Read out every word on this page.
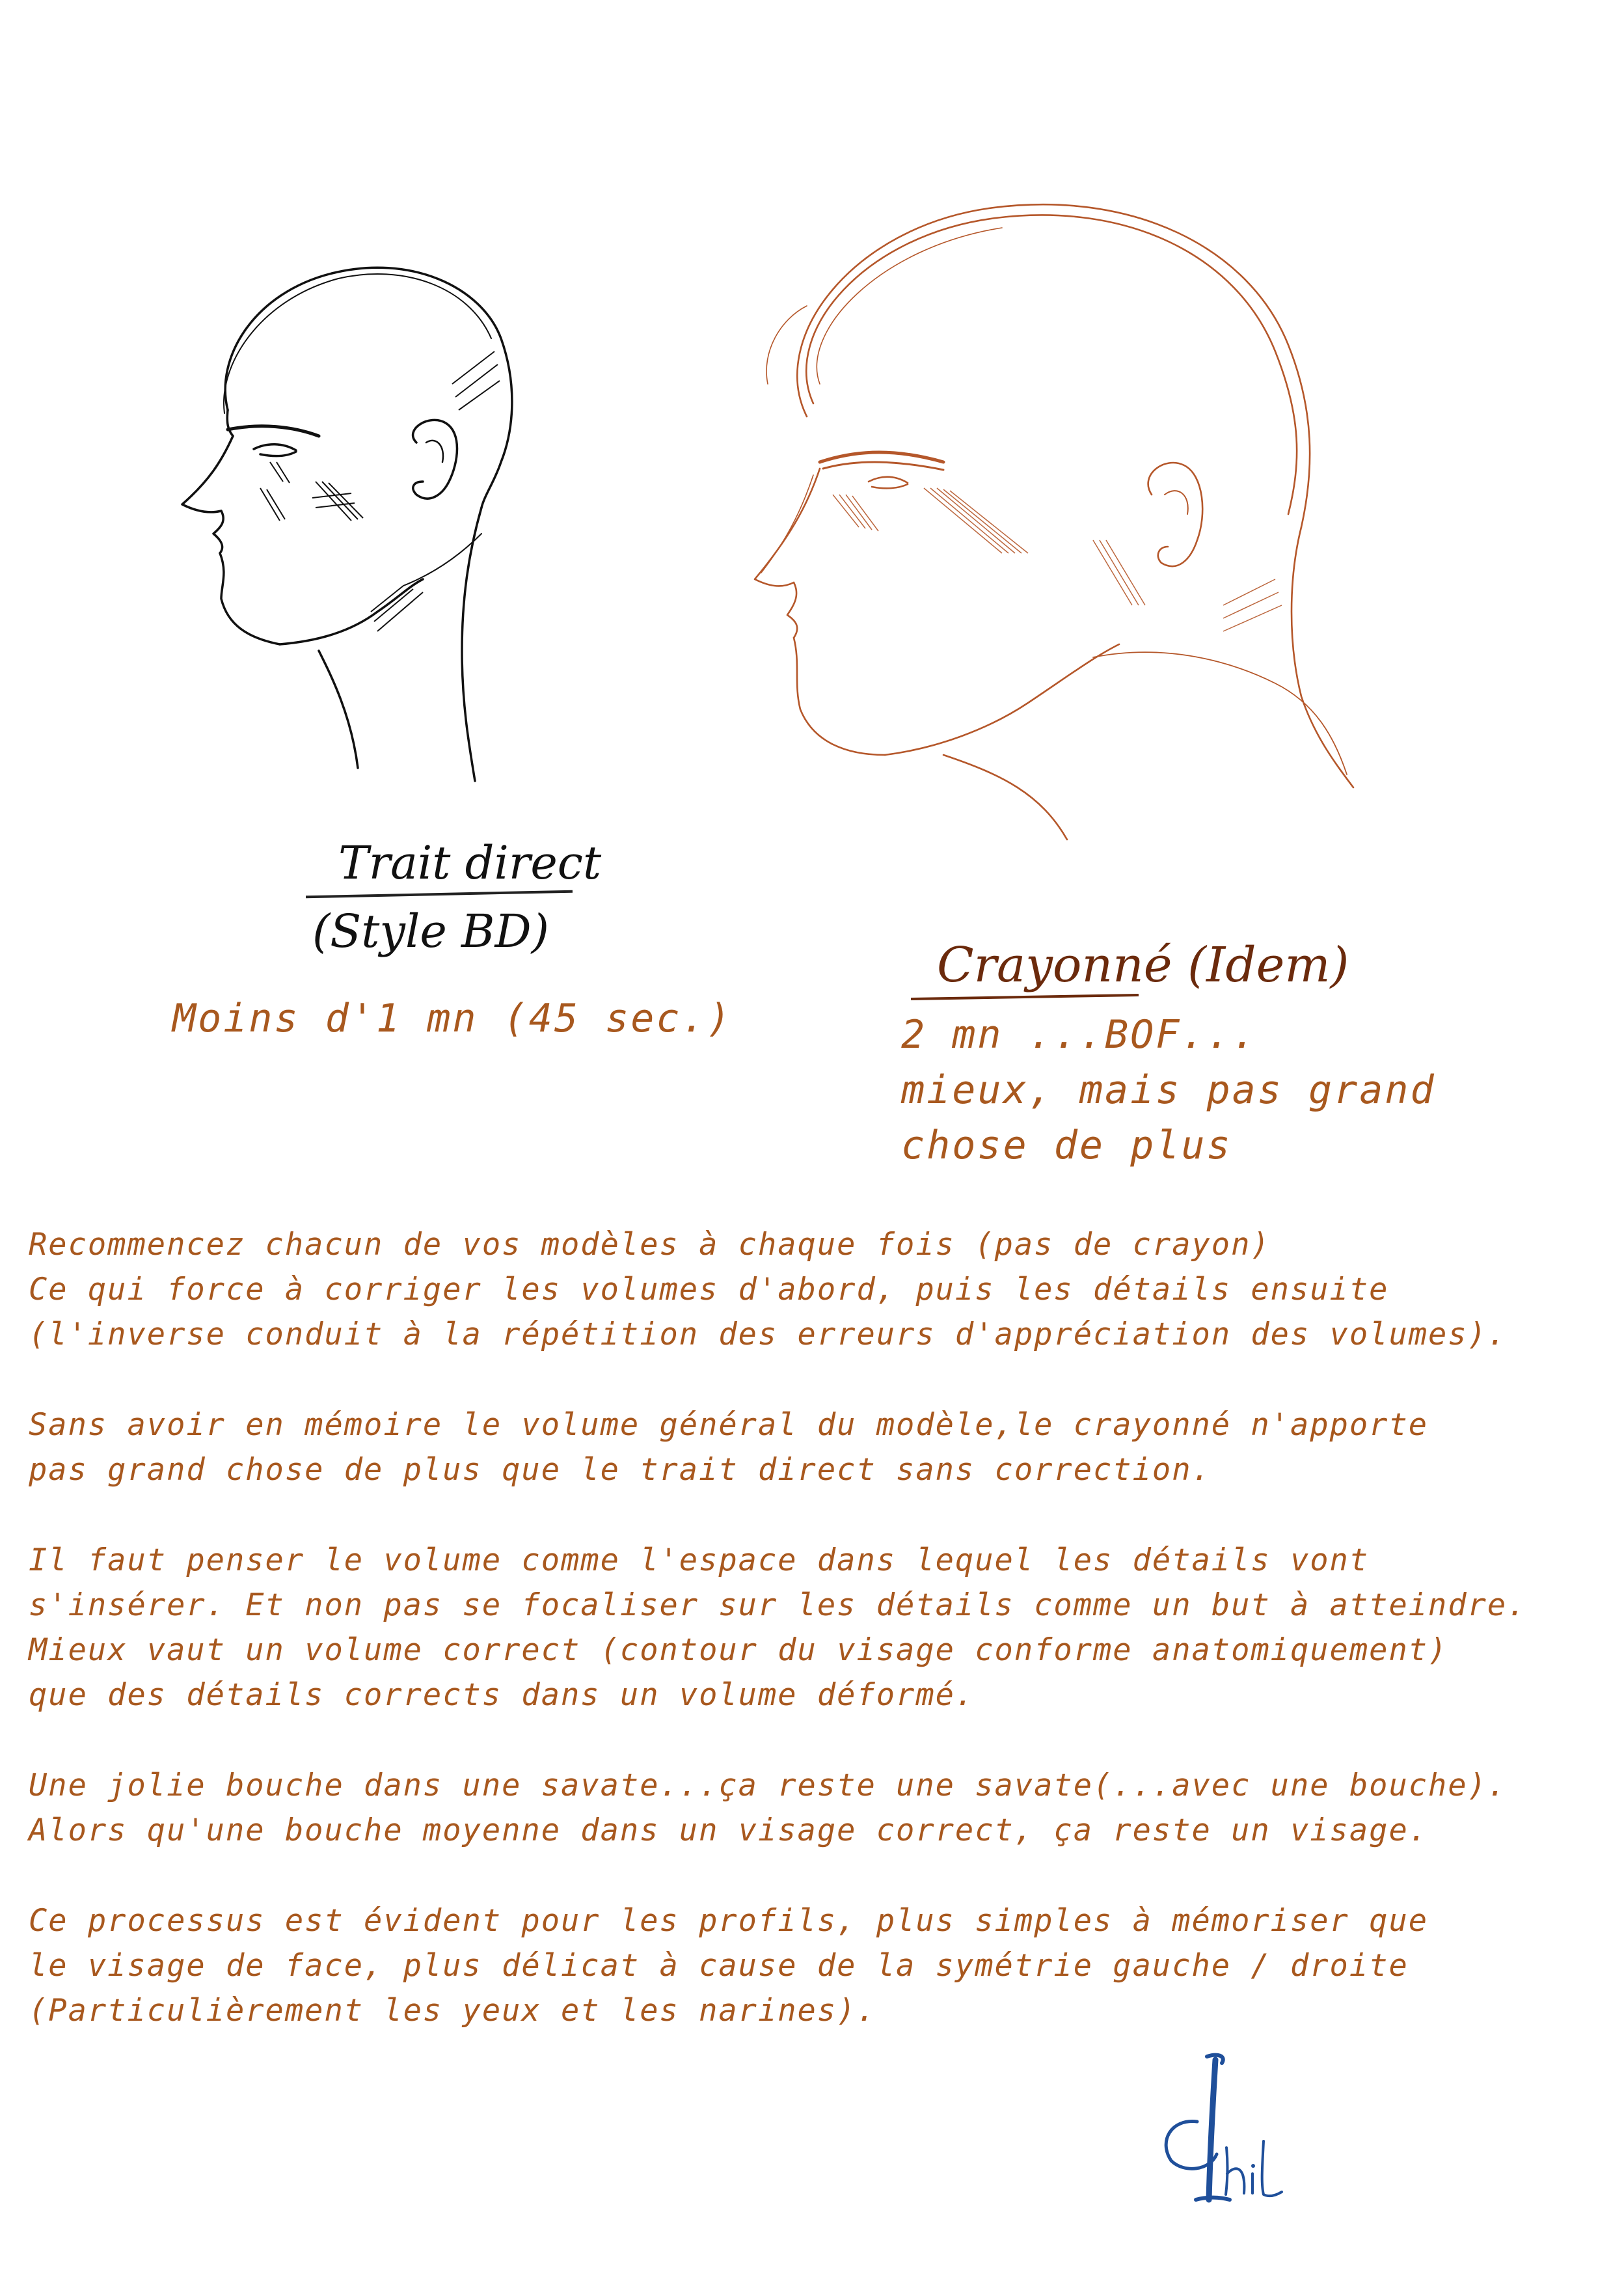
Trait direct
(Style BD)
Crayonné (Idem)
Moins d'1 mn (45 sec.)	2 mn ...BOF...
mieux, mais pas grand
chose de plus
Recommencez chacun de vos modèles à chaque fois (pas de crayon)
Ce qui force à corriger les volumes d'abord, puis les détails ensuite
(l'inverse conduit à la répétition des erreurs d'appréciation des volumes).
Sans avoir en mémoire le volume général du modèle,le crayonné n'apporte
pas grand chose de plus que le trait direct sans correction.
Il faut penser le volume comme l'espace dans lequel les détails vont
s'insérer. Et non pas se focaliser sur les détails comme un but à atteindre.
Mieux vaut un volume correct (contour du visage conforme anatomiquement)
que des détails corrects dans un volume déformé.
Une jolie bouche dans une savate...ça reste une savate(...avec une bouche).
Alors qu'une bouche moyenne dans un visage correct, ça reste un visage.
Ce processus est évident pour les profils, plus simples à mémoriser que
le visage de face, plus délicat à cause de la symétrie gauche / droite
(Particulièrement les yeux et les narines).
